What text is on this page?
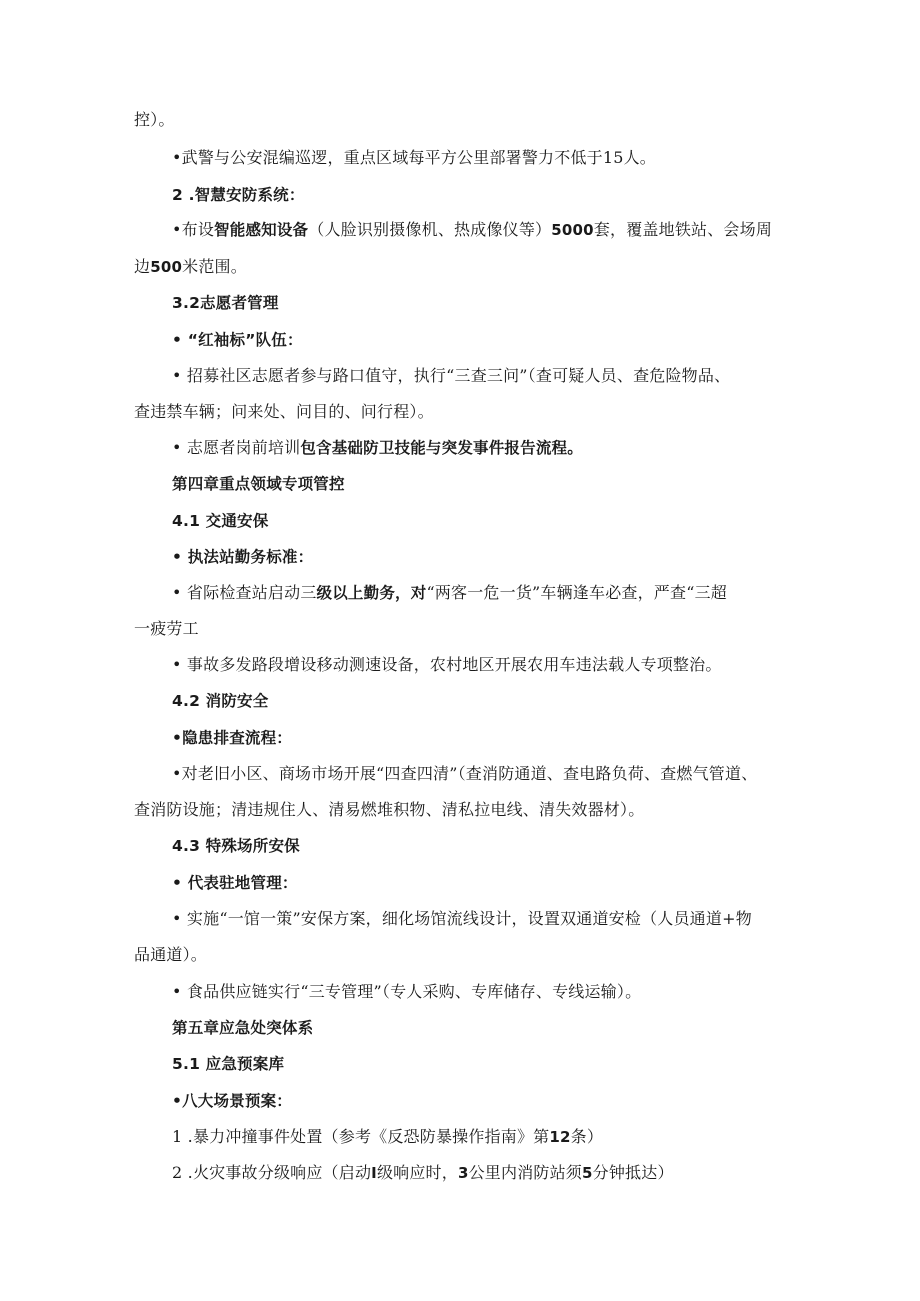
控）。
•武警与公安混编巡逻，重点区域每平方公里部署警力不低于15人。
2 .智慧安防系统：
•布设智能感知设备（人脸识别摄像机、热成像仪等）5000套，覆盖地铁站、会场周
边500米范围。
3.2志愿者管理
• “红袖标”队伍：
• 招募社区志愿者参与路口值守，执行“三查三问”（查可疑人员、查危险物品、
查违禁车辆；问来处、问目的、问行程）。
• 志愿者岗前培训包含基础防卫技能与突发事件报告流程。
第四章重点领域专项管控
4.1 交通安保
• 执法站勤务标准：
• 省际检查站启动三级以上勤务，对“两客一危一货”车辆逢车必查，严查“三超
一疲劳工
• 事故多发路段增设移动测速设备，农村地区开展农用车违法载人专项整治。
4.2 消防安全
•隐患排查流程：
•对老旧小区、商场市场开展“四查四清”（查消防通道、查电路负荷、查燃气管道、
查消防设施；清违规住人、清易燃堆积物、清私拉电线、清失效器材）。
4.3 特殊场所安保
• 代表驻地管理：
• 实施“一馆一策”安保方案，细化场馆流线设计，设置双通道安检（人员通道+物
品通道）。
• 食品供应链实行“三专管理”（专人采购、专库储存、专线运输）。
第五章应急处突体系
5.1 应急预案库
•八大场景预案：
1 .暴力冲撞事件处置（参考《反恐防暴操作指南》第12条）
2 .火灾事故分级响应（启动I级响应时，3公里内消防站须5分钟抵达）
